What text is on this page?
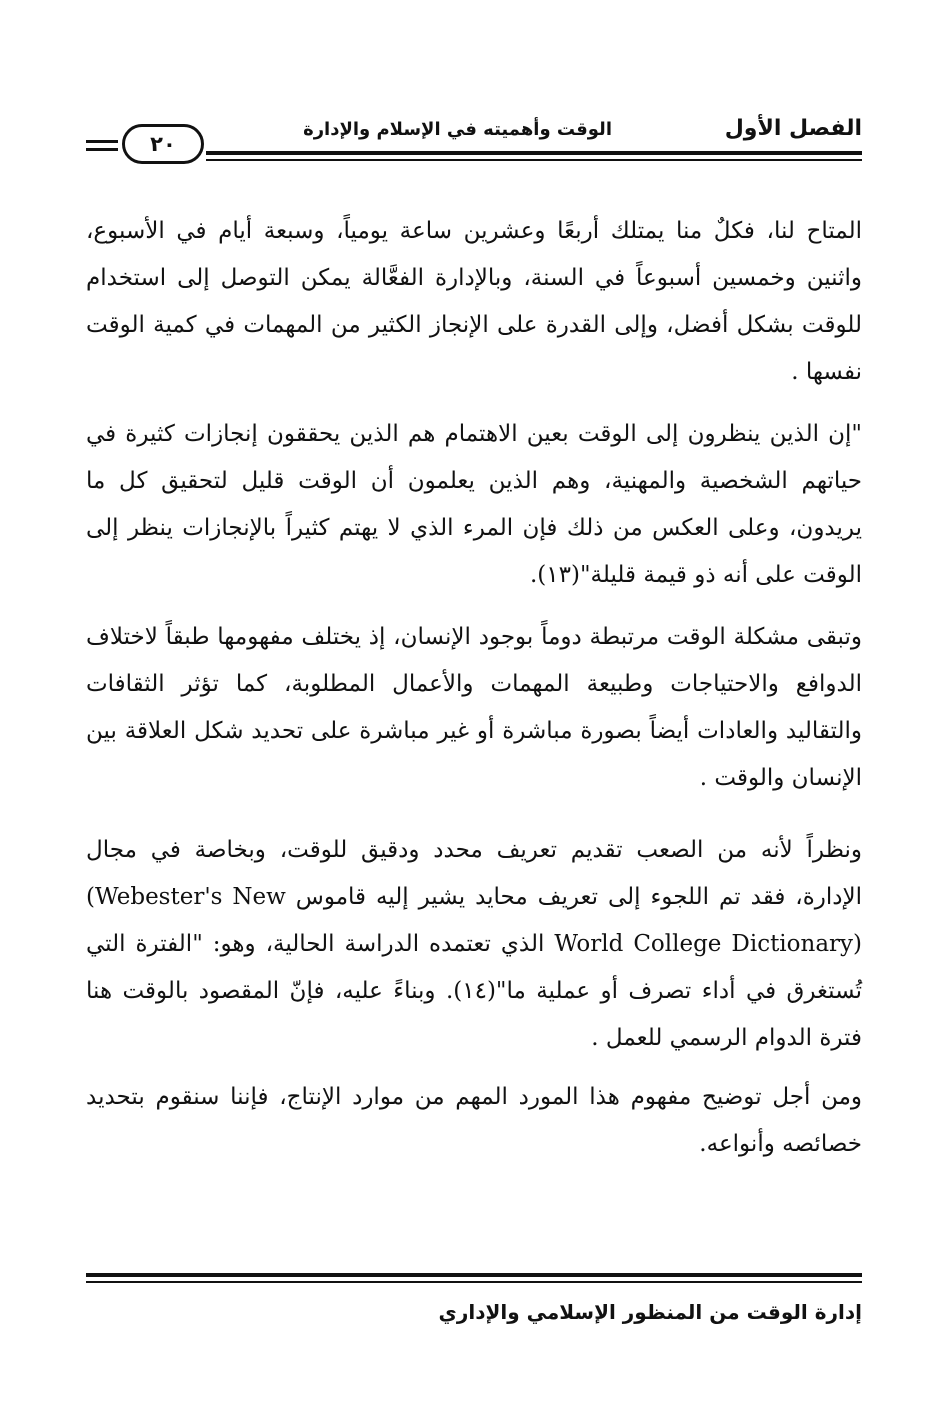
الفصل الأول
الوقت وأهميته في الإسلام والإدارة
٢٠

المتاح لنا، فكلٌ منا يمتلك أربعًا وعشرين ساعة يومياً، وسبعة أيام في الأسبوع، واثنين وخمسين أسبوعاً في السنة، وبالإدارة الفعَّالة يمكن التوصل إلى استخدام للوقت بشكل أفضل، وإلى القدرة على الإنجاز الكثير من المهمات في كمية الوقت نفسها .

"إن الذين ينظرون إلى الوقت بعين الاهتمام هم الذين يحققون إنجازات كثيرة في حياتهم الشخصية والمهنية، وهم الذين يعلمون أن الوقت قليل لتحقيق كل ما يريدون، وعلى العكس من ذلك فإن المرء الذي لا يهتم كثيراً بالإنجازات ينظر إلى الوقت على أنه ذو قيمة قليلة"(١٣).

وتبقى مشكلة الوقت مرتبطة دوماً بوجود الإنسان، إذ يختلف مفهومها طبقاً لاختلاف الدوافع والاحتياجات وطبيعة المهمات والأعمال المطلوبة، كما تؤثر الثقافات والتقاليد والعادات أيضاً بصورة مباشرة أو غير مباشرة على تحديد شكل العلاقة بين الإنسان والوقت .

ونظراً لأنه من الصعب تقديم تعريف محدد ودقيق للوقت، وبخاصة في مجال الإدارة، فقد تم اللجوء إلى تعريف محايد يشير إليه قاموس (Webester's New World College Dictionary) الذي تعتمده الدراسة الحالية، وهو: "الفترة التي تُستغرق في أداء تصرف أو عملية ما"(١٤). وبناءً عليه، فإنّ المقصود بالوقت هنا فترة الدوام الرسمي للعمل .

ومن أجل توضيح مفهوم هذا المورد المهم من موارد الإنتاج، فإننا سنقوم بتحديد خصائصه وأنواعه.

إدارة الوقت من المنظور الإسلامي والإداري
